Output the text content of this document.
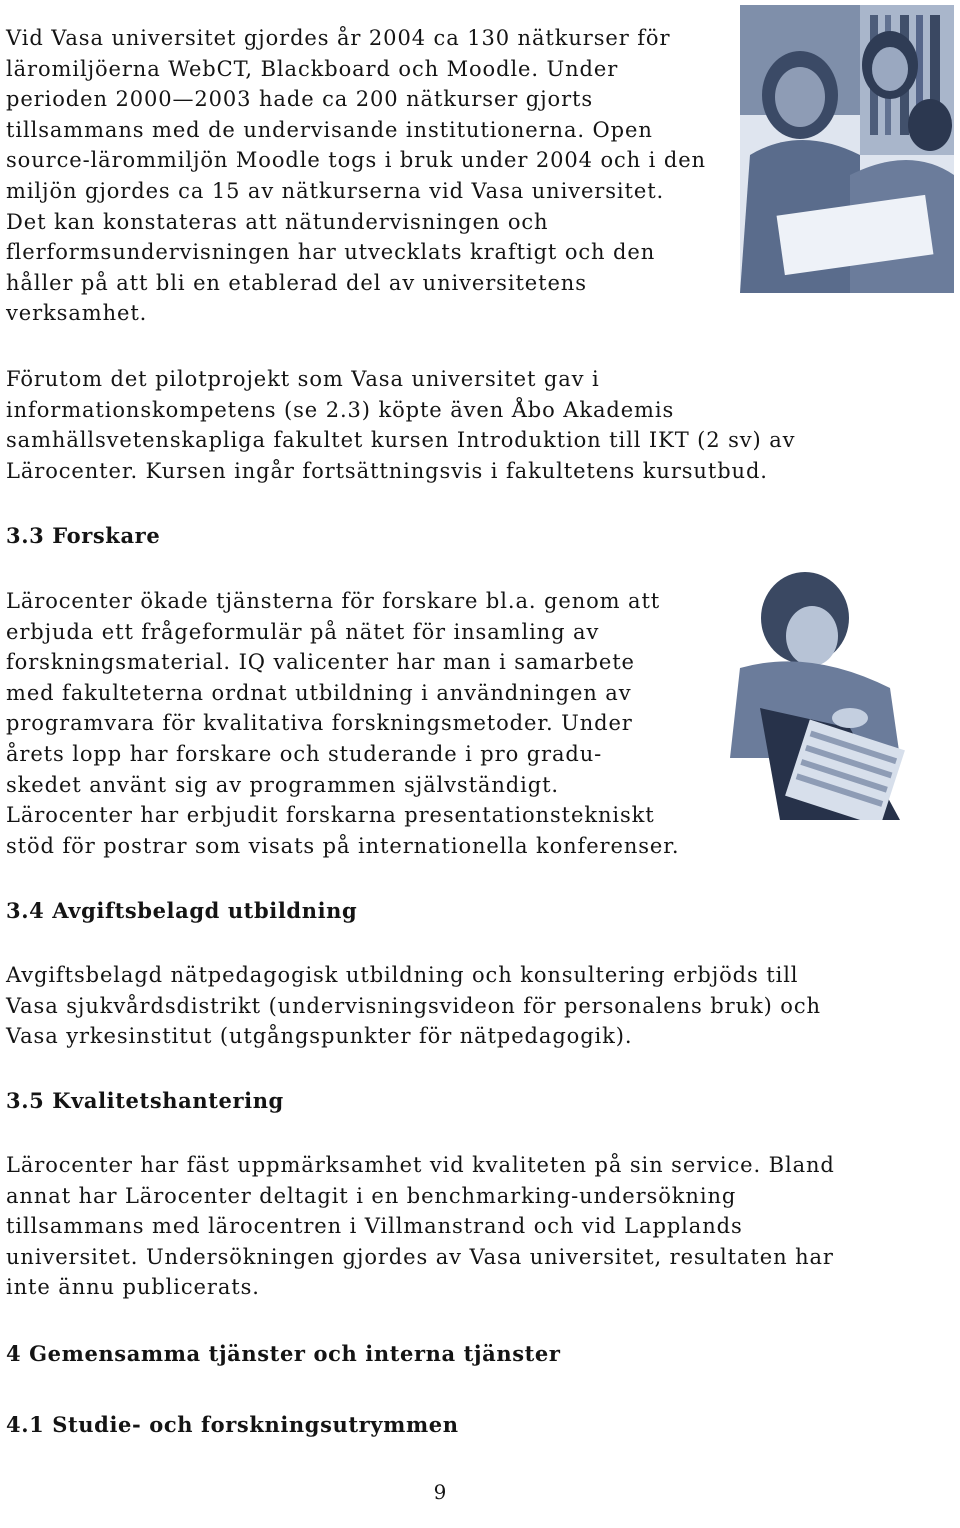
Vid Vasa universitet gjordes år 2004 ca 130 nätkurser för
läromiljöerna WebCT, Blackboard och Moodle. Under
perioden 2000—2003 hade ca 200 nätkurser gjorts
tillsammans med de undervisande institutionerna. Open
source-lärommiljön Moodle togs i bruk under 2004 och i den
miljön gjordes ca 15 av nätkurserna vid Vasa universitet.
Det kan konstateras att nätundervisningen och
flerformsundervisningen har utvecklats kraftigt och den
håller på att bli en etablerad del av universitetens
verksamhet.
Förutom det pilotprojekt som Vasa universitet gav i
informationskompetens (se 2.3) köpte även Åbo Akademis
samhällsvetenskapliga fakultet kursen Introduktion till IKT (2 sv) av
Lärocenter. Kursen ingår fortsättningsvis i fakultetens kursutbud.
3.3 Forskare
Lärocenter ökade tjänsterna för forskare bl.a. genom att
erbjuda ett frågeformulär på nätet för insamling av
forskningsmaterial. IQ valicenter har man i samarbete
med fakulteterna ordnat utbildning i användningen av
programvara för kvalitativa forskningsmetoder. Under
årets lopp har forskare och studerande i pro gradu-
skedet använt sig av programmen självständigt.
Lärocenter har erbjudit forskarna presentationstekniskt
stöd för postrar som visats på internationella konferenser.
3.4 Avgiftsbelagd utbildning
Avgiftsbelagd nätpedagogisk utbildning och konsultering erbjöds till
Vasa sjukvårdsdistrikt (undervisningsvideon för personalens bruk) och
Vasa yrkesinstitut (utgångspunkter för nätpedagogik).
3.5 Kvalitetshantering
Lärocenter har fäst uppmärksamhet vid kvaliteten på sin service. Bland
annat har Lärocenter deltagit i en benchmarking-undersökning
tillsammans med lärocentren i Villmanstrand och vid Lapplands
universitet. Undersökningen gjordes av Vasa universitet, resultaten har
inte ännu publicerats.
4 Gemensamma tjänster och interna tjänster
4.1 Studie- och forskningsutrymmen
9
